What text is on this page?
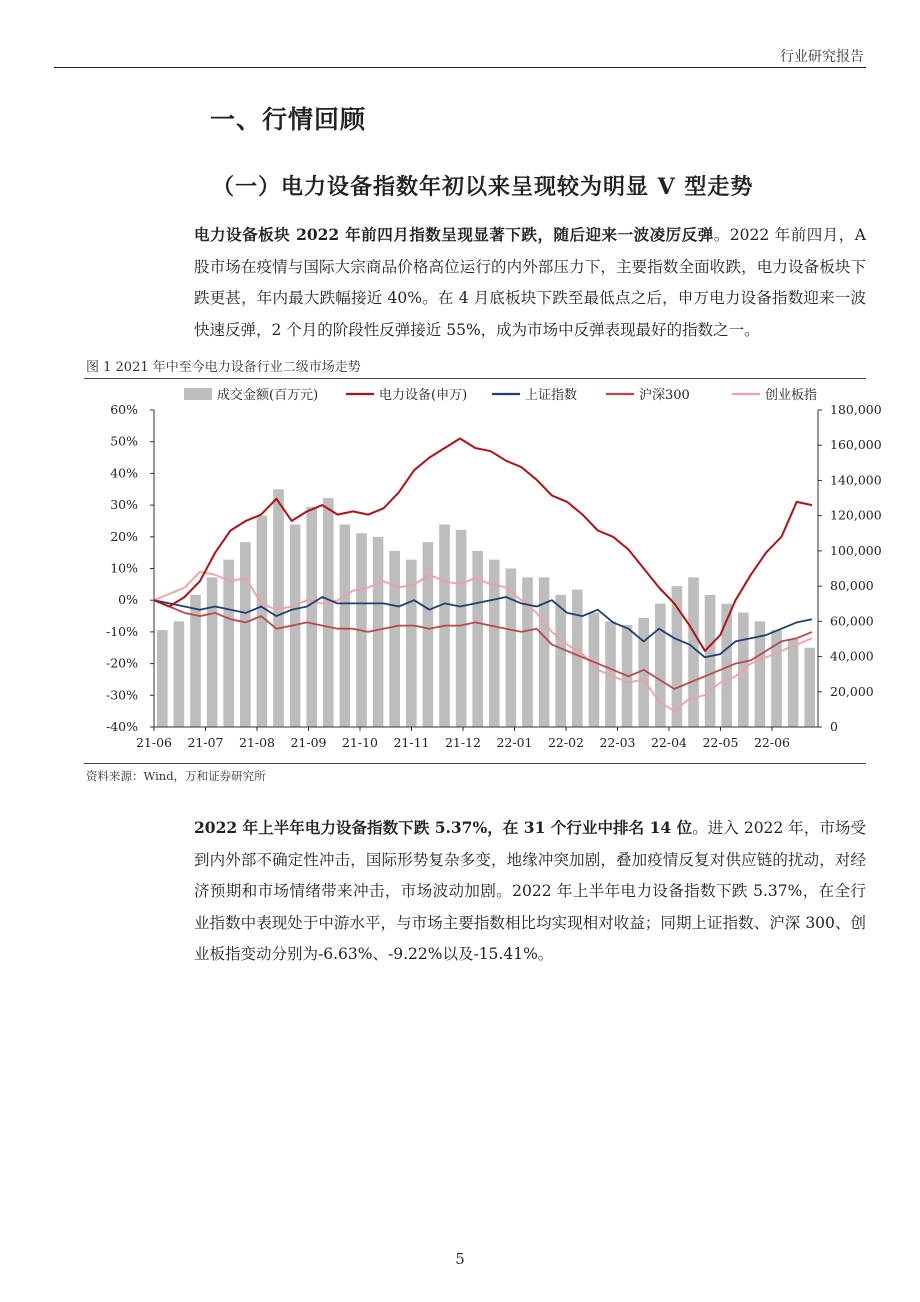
行业研究报告
一、行情回顾
（一）电力设备指数年初以来呈现较为明显 V 型走势
电力设备板块 2022 年前四月指数呈现显著下跌，随后迎来一波凌厉反弹。2022 年前四月，A 股市场在疫情与国际大宗商品价格高位运行的内外部压力下，主要指数全面收跌，电力设备板块下跌更甚，年内最大跌幅接近 40%。在 4 月底板块下跌至最低点之后，申万电力设备指数迎来一波快速反弹，2 个月的阶段性反弹接近 55%，成为市场中反弹表现最好的指数之一。
图 1 2021 年中至今电力设备行业二级市场走势
60%
50%
40%
30%
20%
10%
0%
-10%
-20%
-30%
-40%
180,000
160,000
140,000
120,000
100,000
80,000
60,000
40,000
20,000
0
21-06 21-07 21-08 21-09 21-10 21-11 21-12 22-01 22-02 22-03 22-04 22-05 22-06
成交金额(百万元)	电力设备(申万)	上证指数	沪深300	创业板指
资料来源：Wind，万和证券研究所
2022 年上半年电力设备指数下跌 5.37%，在 31 个行业中排名 14 位。进入 2022 年，市场受到内外部不确定性冲击，国际形势复杂多变，地缘冲突加剧，叠加疫情反复对供应链的扰动，对经济预期和市场情绪带来冲击，市场波动加剧。2022 年上半年电力设备指数下跌 5.37%，在全行业指数中表现处于中游水平，与市场主要指数相比均实现相对收益；同期上证指数、沪深 300、创业板指变动分别为-6.63%、-9.22%以及-15.41%。
5
